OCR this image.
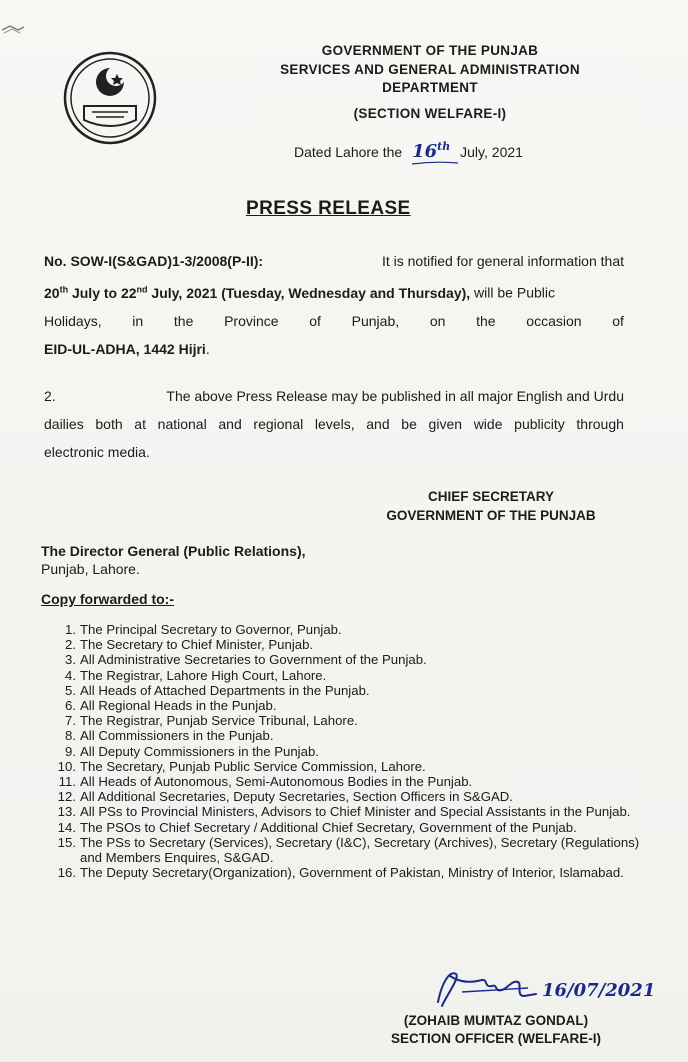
GOVERNMENT OF THE PUNJAB
SERVICES AND GENERAL ADMINISTRATION
DEPARTMENT
(SECTION WELFARE-I)
Dated Lahore the 16th July, 2021
PRESS RELEASE
No. SOW-I(S&GAD)1-3/2008(P-II):	It is notified for general information that
20th July to 22nd July, 2021 (Tuesday, Wednesday and Thursday), will be Public
Holidays, in the Province of Punjab, on the occasion of
EID-UL-ADHA, 1442 Hijri.
2.	The above Press Release may be published in all major English and Urdu
dailies both at national and regional levels, and be given wide publicity through
electronic media.
CHIEF SECRETARY
GOVERNMENT OF THE PUNJAB
The Director General (Public Relations),
Punjab, Lahore.
Copy forwarded to:-
1. The Principal Secretary to Governor, Punjab.
2. The Secretary to Chief Minister, Punjab.
3. All Administrative Secretaries to Government of the Punjab.
4. The Registrar, Lahore High Court, Lahore.
5. All Heads of Attached Departments in the Punjab.
6. All Regional Heads in the Punjab.
7. The Registrar, Punjab Service Tribunal, Lahore.
8. All Commissioners in the Punjab.
9. All Deputy Commissioners in the Punjab.
10. The Secretary, Punjab Public Service Commission, Lahore.
11. All Heads of Autonomous, Semi-Autonomous Bodies in the Punjab.
12. All Additional Secretaries, Deputy Secretaries, Section Officers in S&GAD.
13. All PSs to Provincial Ministers, Advisors to Chief Minister and Special Assistants in the Punjab.
14. The PSOs to Chief Secretary / Additional Chief Secretary, Government of the Punjab.
15. The PSs to Secretary (Services), Secretary (I&C), Secretary (Archives), Secretary (Regulations) and Members Enquires, S&GAD.
16. The Deputy Secretary(Organization), Government of Pakistan, Ministry of Interior, Islamabad.
16/07/2021
(ZOHAIB MUMTAZ GONDAL)
SECTION OFFICER (WELFARE-I)
